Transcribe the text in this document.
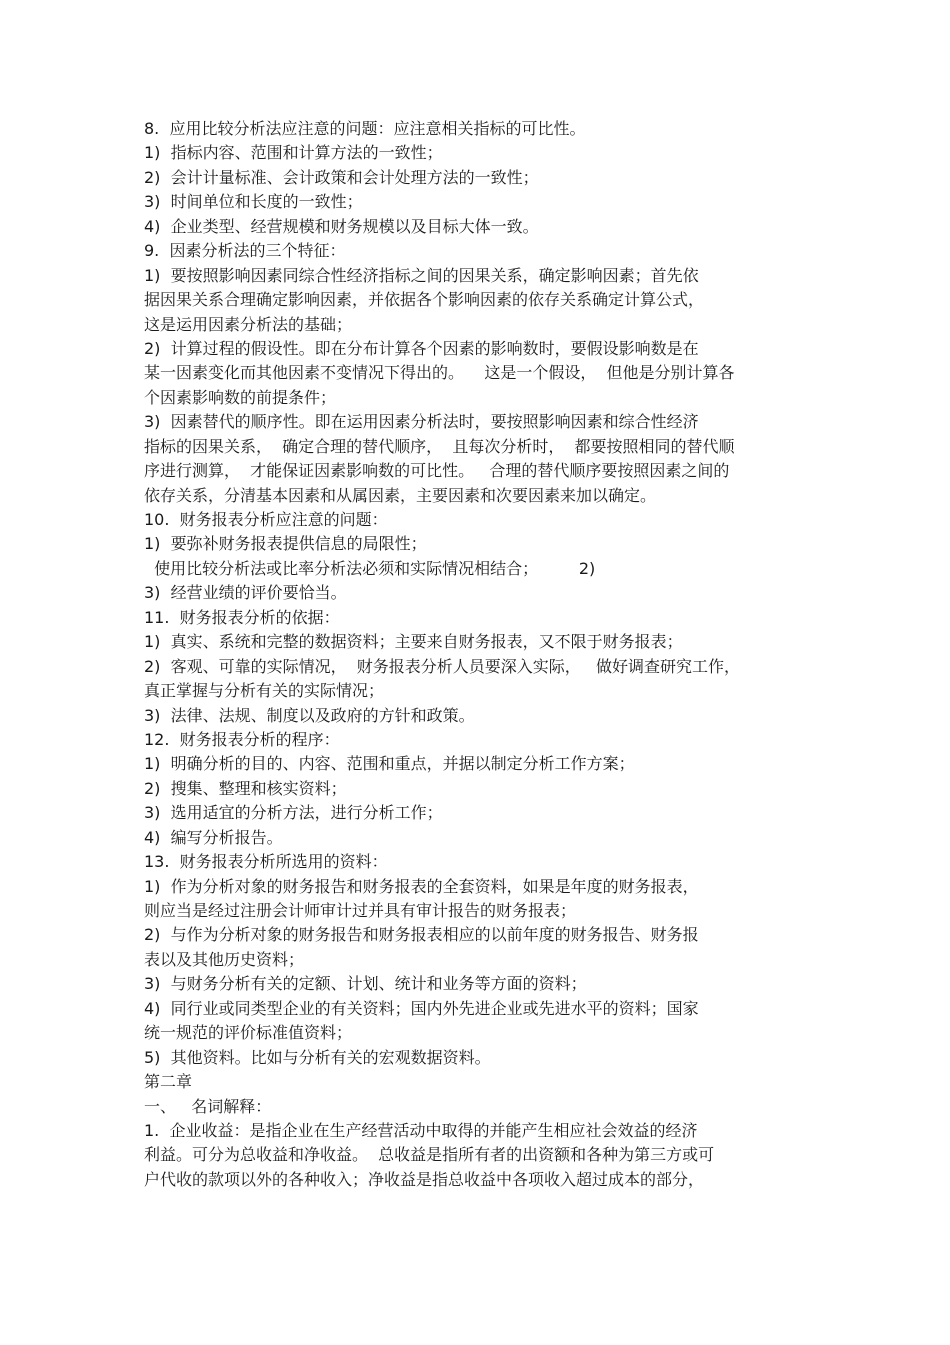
8.  应用比较分析法应注意的问题：应注意相关指标的可比性。
1)  指标内容、范围和计算方法的一致性；
2)  会计计量标准、会计政策和会计处理方法的一致性；
3)  时间单位和长度的一致性；
4)  企业类型、经营规模和财务规模以及目标大体一致。
9.  因素分析法的三个特征：
1)  要按照影响因素同综合性经济指标之间的因果关系，确定影响因素；首先依
据因果关系合理确定影响因素，并依据各个影响因素的依存关系确定计算公式，
这是运用因素分析法的基础；
2)  计算过程的假设性。即在分布计算各个因素的影响数时，要假设影响数是在
某一因素变化而其他因素不变情况下得出的。    这是一个假设，  但他是分别计算各
个因素影响数的前提条件；
3)  因素替代的顺序性。即在运用因素分析法时，要按照影响因素和综合性经济
指标的因果关系，  确定合理的替代顺序，  且每次分析时，  都要按照相同的替代顺
序进行测算，  才能保证因素影响数的可比性。   合理的替代顺序要按照因素之间的
依存关系，分清基本因素和从属因素，主要因素和次要因素来加以确定。
10.  财务报表分析应注意的问题：
1)  要弥补财务报表提供信息的局限性；
使用比较分析法或比率分析法必须和实际情况相结合；        2)
3)  经营业绩的评价要恰当。
11.  财务报表分析的依据：
1)  真实、系统和完整的数据资料；主要来自财务报表，又不限于财务报表；
2)  客观、可靠的实际情况，  财务报表分析人员要深入实际，   做好调查研究工作，
真正掌握与分析有关的实际情况；
3)  法律、法规、制度以及政府的方针和政策。
12.  财务报表分析的程序：
1)  明确分析的目的、内容、范围和重点，并据以制定分析工作方案；
2)  搜集、整理和核实资料；
3)  选用适宜的分析方法，进行分析工作；
4)  编写分析报告。
13.  财务报表分析所选用的资料：
1)  作为分析对象的财务报告和财务报表的全套资料，如果是年度的财务报表，
则应当是经过注册会计师审计过并具有审计报告的财务报表；
2)  与作为分析对象的财务报告和财务报表相应的以前年度的财务报告、财务报
表以及其他历史资料；
3)  与财务分析有关的定额、计划、统计和业务等方面的资料；
4)  同行业或同类型企业的有关资料；国内外先进企业或先进水平的资料；国家
统一规范的评价标准值资料；
5)  其他资料。比如与分析有关的宏观数据资料。
第二章
一、   名词解释：
1.  企业收益：是指企业在生产经营活动中取得的并能产生相应社会效益的经济
利益。可分为总收益和净收益。  总收益是指所有者的出资额和各种为第三方或可
户代收的款项以外的各种收入；净收益是指总收益中各项收入超过成本的部分，
